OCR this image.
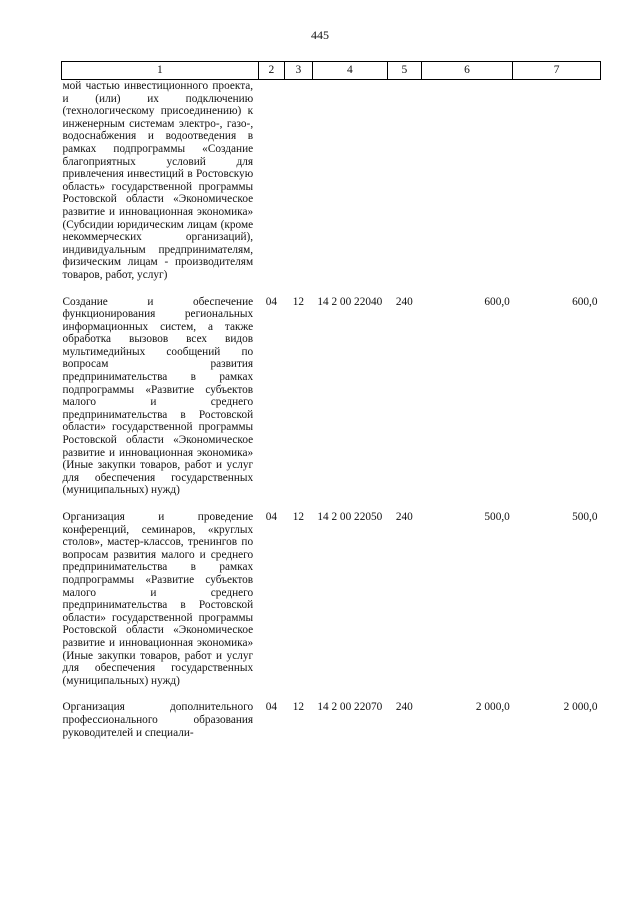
445
1	2	3	4	5	6	7
мой частью инвестиционного проекта, и (или) их подключению (технологическому присоединению) к инженерным системам электро-, газо-, водоснабжения и водоотведения в рамках подпрограммы «Создание благоприятных условий для привлечения инвестиций в Ростовскую область» государственной программы Ростовской области «Экономическое развитие и инновационная экономика» (Субсидии юридическим лицам (кроме некоммерческих организаций), индивидуальным предпринимателям, физическим лицам - производителям товаров, работ, услуг)						
Создание и обеспечение функционирования региональных информационных систем, а также обработка вызовов всех видов мультимедийных сообщений по вопросам развития предпринимательства в рамках подпрограммы «Развитие субъектов малого и среднего предпринимательства в Ростовской области» государственной программы Ростовской области «Экономическое развитие и инновационная экономика» (Иные закупки товаров, работ и услуг для обеспечения государственных (муниципальных) нужд)	04	12	14 2 00 22040	240	600,0	600,0
Организация и проведение конференций, семинаров, «круглых столов», мастер-классов, тренингов по вопросам развития малого и среднего предпринимательства в рамках подпрограммы «Развитие субъектов малого и среднего предпринимательства в Ростовской области» государственной программы Ростовской области «Экономическое развитие и инновационная экономика» (Иные закупки товаров, работ и услуг для обеспечения государственных (муниципальных) нужд)	04	12	14 2 00 22050	240	500,0	500,0
Организация дополнительного профессионального образования руководителей и специали-	04	12	14 2 00 22070	240	2 000,0	2 000,0
